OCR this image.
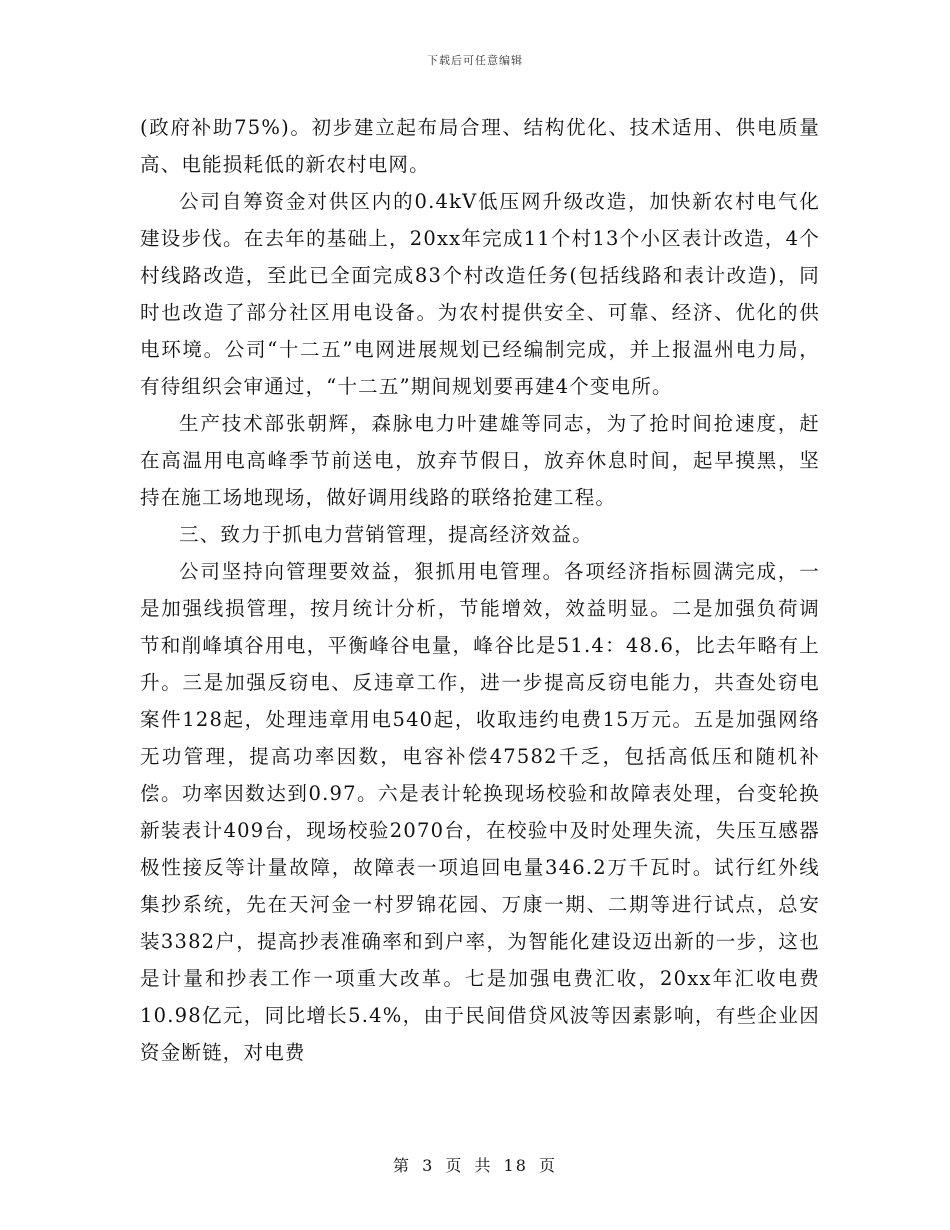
下载后可任意编辑

(政府补助75%)。初步建立起布局合理、结构优化、技术适用、供电质量高、电能损耗低的新农村电网。

公司自筹资金对供区内的0.4kV低压网升级改造，加快新农村电气化建设步伐。在去年的基础上，20xx年完成11个村13个小区表计改造，4个村线路改造，至此已全面完成83个村改造任务(包括线路和表计改造)，同时也改造了部分社区用电设备。为农村提供安全、可靠、经济、优化的供电环境。公司“十二五”电网进展规划已经编制完成，并上报温州电力局，有待组织会审通过，“十二五”期间规划要再建4个变电所。

生产技术部张朝辉，森脉电力叶建雄等同志，为了抢时间抢速度，赶在高温用电高峰季节前送电，放弃节假日，放弃休息时间，起早摸黑，坚持在施工场地现场，做好调用线路的联络抢建工程。

三、致力于抓电力营销管理，提高经济效益。

公司坚持向管理要效益，狠抓用电管理。各项经济指标圆满完成，一是加强线损管理，按月统计分析，节能增效，效益明显。二是加强负荷调节和削峰填谷用电，平衡峰谷电量，峰谷比是51.4：48.6，比去年略有上升。三是加强反窃电、反违章工作，进一步提高反窃电能力，共查处窃电案件128起，处理违章用电540起，收取违约电费15万元。五是加强网络无功管理，提高功率因数，电容补偿47582千乏，包括高低压和随机补偿。功率因数达到0.97。六是表计轮换现场校验和故障表处理，台变轮换新装表计409台，现场校验2070台，在校验中及时处理失流，失压互感器极性接反等计量故障，故障表一项追回电量346.2万千瓦时。试行红外线集抄系统，先在天河金一村罗锦花园、万康一期、二期等进行试点，总安装3382户，提高抄表准确率和到户率，为智能化建设迈出新的一步，这也是计量和抄表工作一项重大改革。七是加强电费汇收，20xx年汇收电费10.98亿元，同比增长5.4%，由于民间借贷风波等因素影响，有些企业因资金断链，对电费

第 3 页 共 18 页
